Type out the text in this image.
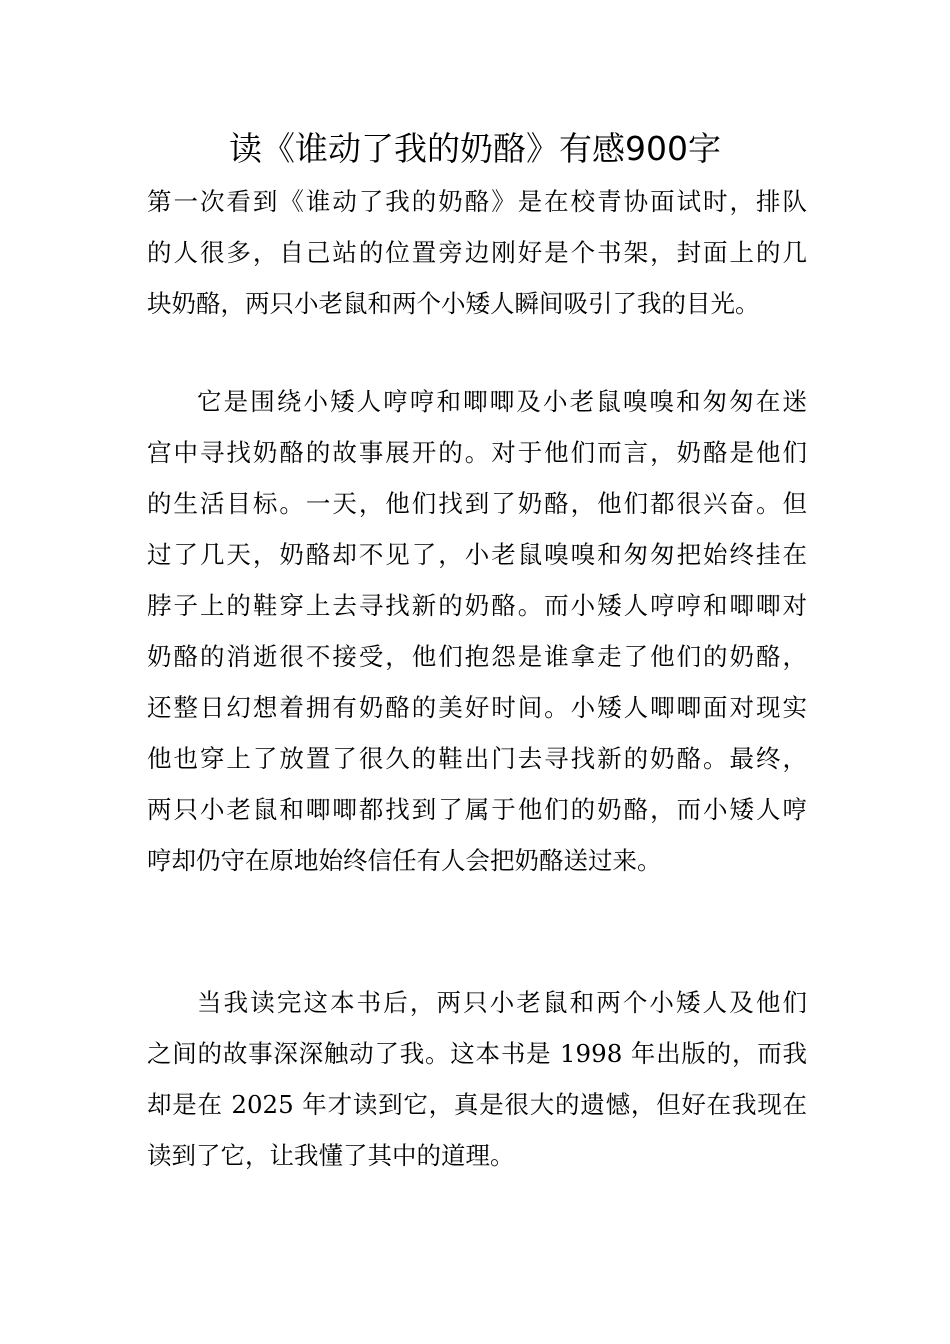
读《谁动了我的奶酪》有感900字
第一次看到《谁动了我的奶酪》是在校青协面试时，排队
的人很多，自己站的位置旁边刚好是个书架，封面上的几
块奶酪，两只小老鼠和两个小矮人瞬间吸引了我的目光。
它是围绕小矮人哼哼和唧唧及小老鼠嗅嗅和匆匆在迷
宫中寻找奶酪的故事展开的。对于他们而言，奶酪是他们
的生活目标。一天，他们找到了奶酪，他们都很兴奋。但
过了几天，奶酪却不见了，小老鼠嗅嗅和匆匆把始终挂在
脖子上的鞋穿上去寻找新的奶酪。而小矮人哼哼和唧唧对
奶酪的消逝很不接受，他们抱怨是谁拿走了他们的奶酪，
还整日幻想着拥有奶酪的美好时间。小矮人唧唧面对现实
他也穿上了放置了很久的鞋出门去寻找新的奶酪。最终，
两只小老鼠和唧唧都找到了属于他们的奶酪，而小矮人哼
哼却仍守在原地始终信任有人会把奶酪送过来。
当我读完这本书后，两只小老鼠和两个小矮人及他们
之间的故事深深触动了我。这本书是 1998 年出版的，而我
却是在 2025 年才读到它，真是很大的遗憾，但好在我现在
读到了它，让我懂了其中的道理。
